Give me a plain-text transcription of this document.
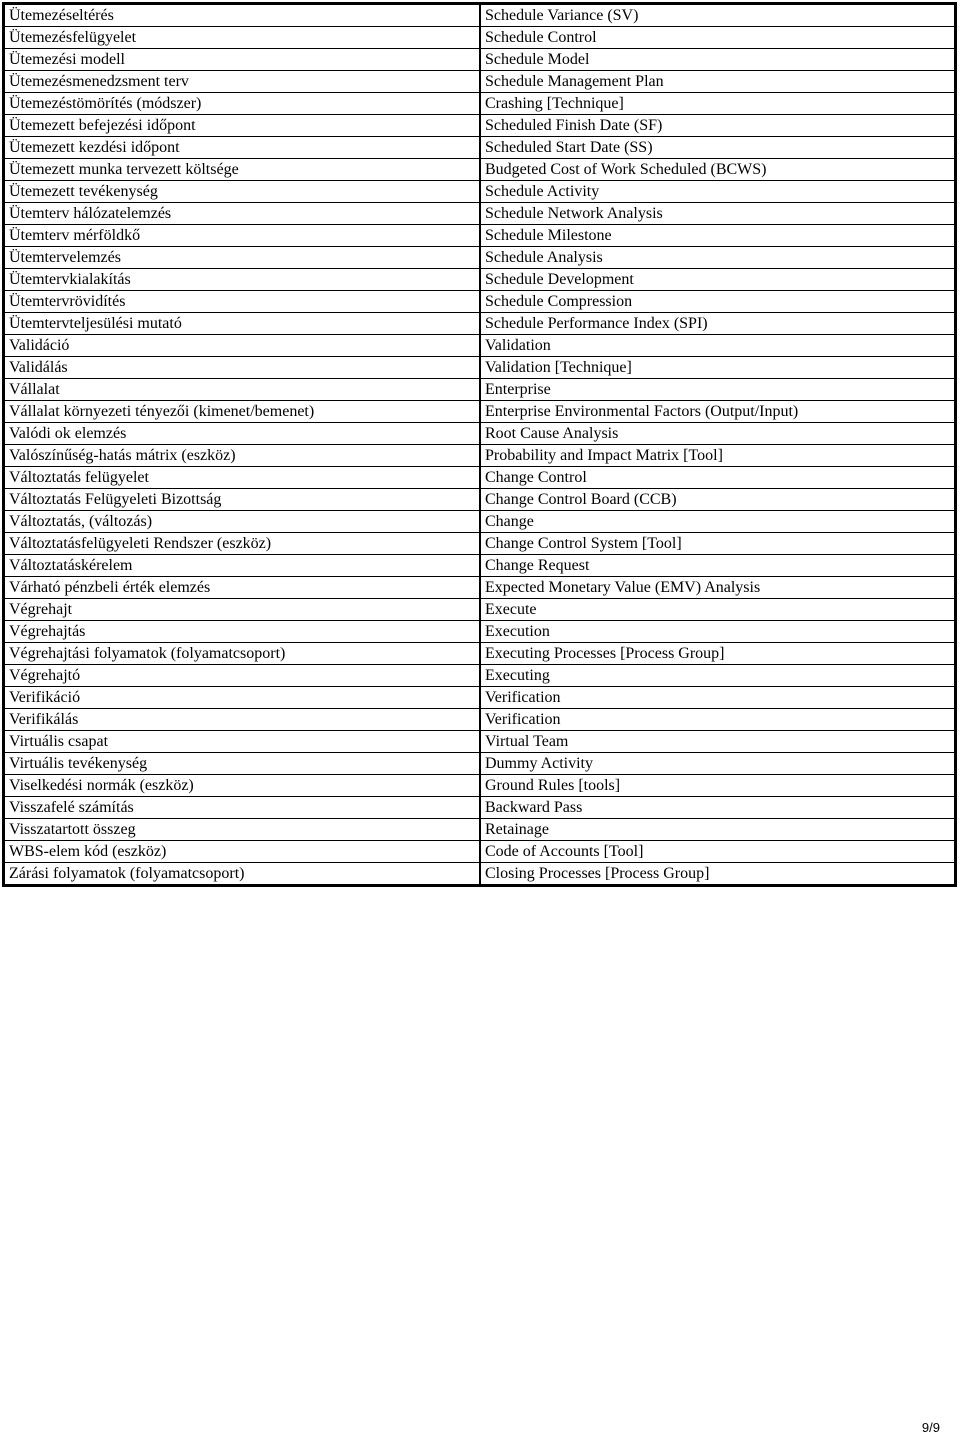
Ütemezéseltérés	Schedule Variance (SV)
Ütemezésfelügyelet	Schedule Control
Ütemezési modell	Schedule Model
Ütemezésmenedzsment terv	Schedule Management Plan
Ütemezéstömörítés (módszer)	Crashing [Technique]
Ütemezett befejezési időpont	Scheduled Finish Date (SF)
Ütemezett kezdési időpont	Scheduled Start Date (SS)
Ütemezett munka tervezett költsége	Budgeted Cost of Work Scheduled (BCWS)
Ütemezett tevékenység	Schedule Activity
Ütemterv hálózatelemzés	Schedule Network Analysis
Ütemterv mérföldkő	Schedule Milestone
Ütemtervelemzés	Schedule Analysis
Ütemtervkialakítás	Schedule Development
Ütemtervrövidítés	Schedule Compression
Ütemtervteljesülési mutató	Schedule Performance Index (SPI)
Validáció	Validation
Validálás	Validation [Technique]
Vállalat	Enterprise
Vállalat környezeti tényezői (kimenet/bemenet)	Enterprise Environmental Factors (Output/Input)
Valódi ok elemzés	Root Cause Analysis
Valószínűség-hatás mátrix (eszköz)	Probability and Impact Matrix [Tool]
Változtatás felügyelet	Change Control
Változtatás Felügyeleti Bizottság	Change Control Board (CCB)
Változtatás, (változás)	Change
Változtatásfelügyeleti Rendszer (eszköz)	Change Control System [Tool]
Változtatáskérelem	Change Request
Várható pénzbeli érték elemzés	Expected Monetary Value (EMV) Analysis
Végrehajt	Execute
Végrehajtás	Execution
Végrehajtási folyamatok (folyamatcsoport)	Executing Processes [Process Group]
Végrehajtó	Executing
Verifikáció	Verification
Verifikálás	Verification
Virtuális csapat	Virtual Team
Virtuális tevékenység	Dummy Activity
Viselkedési normák (eszköz)	Ground Rules [tools]
Visszafelé számítás	Backward Pass
Visszatartott összeg	Retainage
WBS-elem kód (eszköz)	Code of Accounts [Tool]
Zárási folyamatok (folyamatcsoport)	Closing Processes [Process Group]
9/9
